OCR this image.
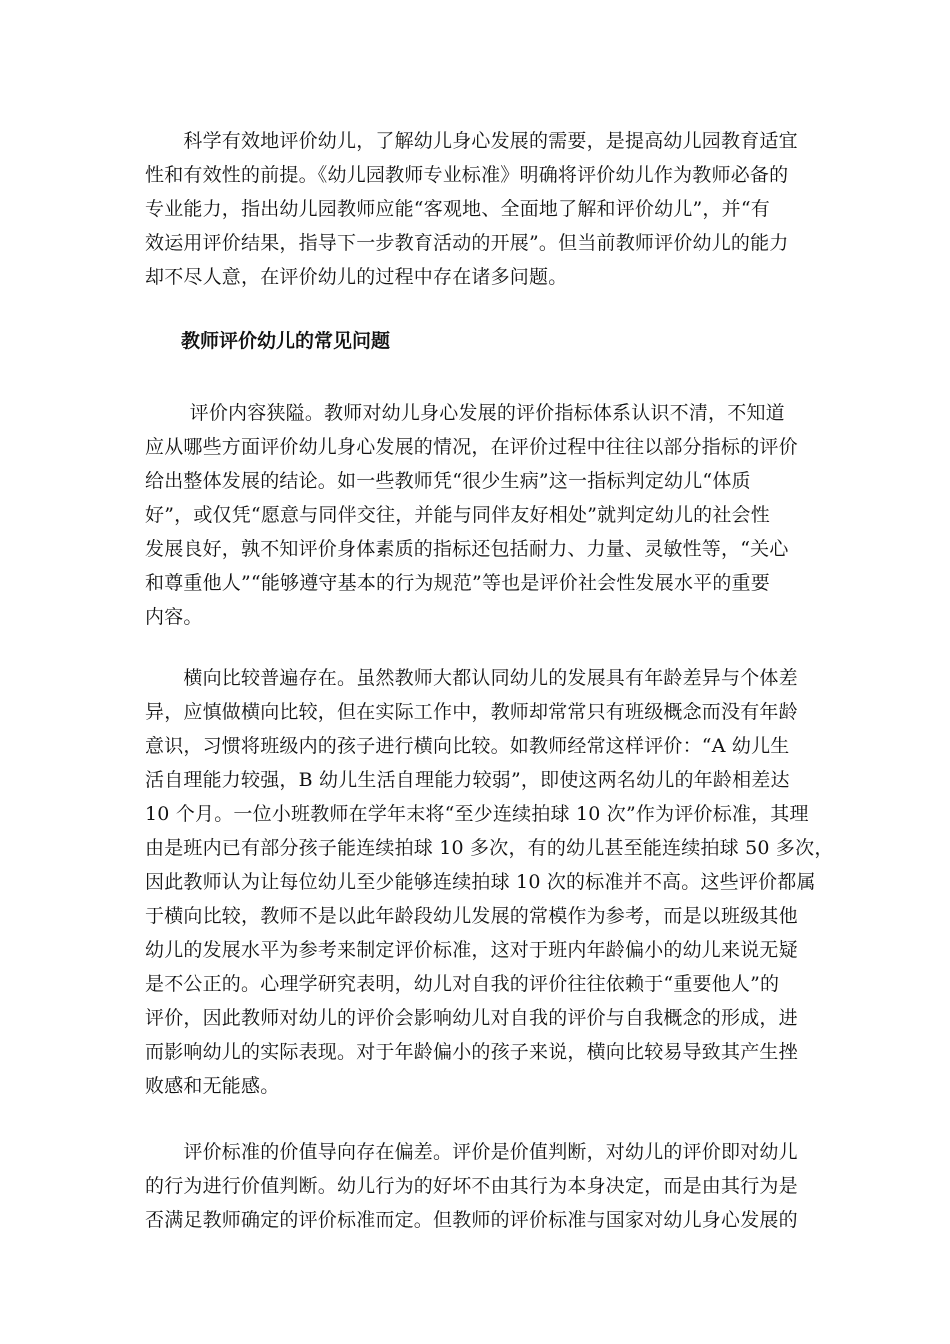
　　科学有效地评价幼儿，了解幼儿身心发展的需要，是提高幼儿园教育适宜
性和有效性的前提。《幼儿园教师专业标准》明确将评价幼儿作为教师必备的
专业能力，指出幼儿园教师应能“客观地、全面地了解和评价幼儿”，并“有
效运用评价结果，指导下一步教育活动的开展”。但当前教师评价幼儿的能力
却不尽人意，在评价幼儿的过程中存在诸多问题。
教师评价幼儿的常见问题
　　 评价内容狭隘。教师对幼儿身心发展的评价指标体系认识不清，不知道
应从哪些方面评价幼儿身心发展的情况，在评价过程中往往以部分指标的评价
给出整体发展的结论。如一些教师凭“很少生病”这一指标判定幼儿“体质
好”，或仅凭“愿意与同伴交往，并能与同伴友好相处”就判定幼儿的社会性
发展良好，孰不知评价身体素质的指标还包括耐力、力量、灵敏性等，“关心
和尊重他人”“能够遵守基本的行为规范”等也是评价社会性发展水平的重要
内容。
　　横向比较普遍存在。虽然教师大都认同幼儿的发展具有年龄差异与个体差
异，应慎做横向比较，但在实际工作中，教师却常常只有班级概念而没有年龄
意识，习惯将班级内的孩子进行横向比较。如教师经常这样评价：“A 幼儿生
活自理能力较强，B 幼儿生活自理能力较弱”，即使这两名幼儿的年龄相差达
10 个月。一位小班教师在学年末将“至少连续拍球 10 次”作为评价标准，其理
由是班内已有部分孩子能连续拍球 10 多次，有的幼儿甚至能连续拍球 50 多次，
因此教师认为让每位幼儿至少能够连续拍球 10 次的标准并不高。这些评价都属
于横向比较，教师不是以此年龄段幼儿发展的常模作为参考，而是以班级其他
幼儿的发展水平为参考来制定评价标准，这对于班内年龄偏小的幼儿来说无疑
是不公正的。心理学研究表明，幼儿对自我的评价往往依赖于“重要他人”的
评价，因此教师对幼儿的评价会影响幼儿对自我的评价与自我概念的形成，进
而影响幼儿的实际表现。对于年龄偏小的孩子来说，横向比较易导致其产生挫
败感和无能感。
　　评价标准的价值导向存在偏差。评价是价值判断，对幼儿的评价即对幼儿
的行为进行价值判断。幼儿行为的好坏不由其行为本身决定，而是由其行为是
否满足教师确定的评价标准而定。但教师的评价标准与国家对幼儿身心发展的
